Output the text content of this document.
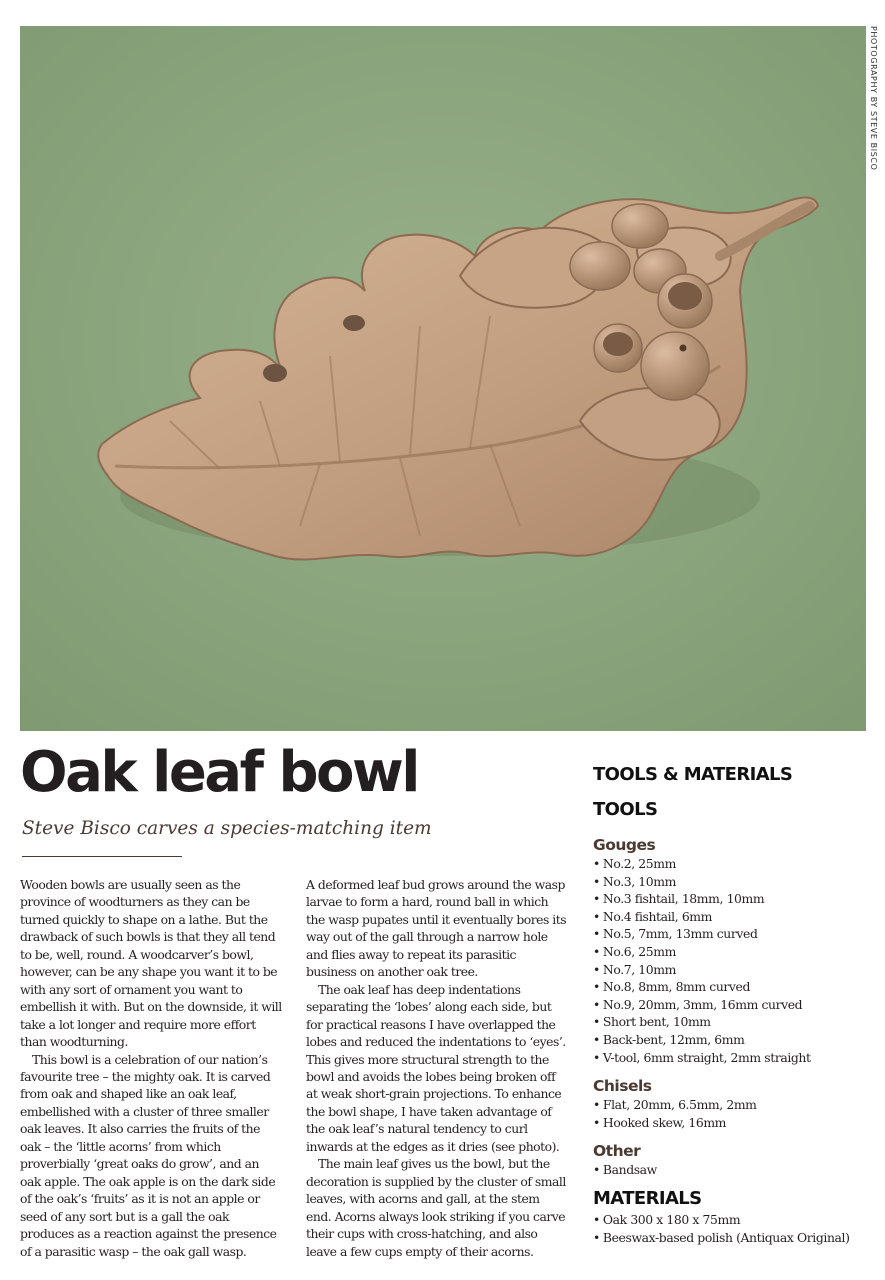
PHOTOGRAPHY BY STEVE BISCO
Oak leaf bowl
Steve Bisco carves a species-matching item

Wooden bowls are usually seen as the province of woodturners as they can be turned quickly to shape on a lathe. But the drawback of such bowls is that they all tend to be, well, round. A woodcarver’s bowl, however, can be any shape you want it to be with any sort of ornament you want to embellish it with. But on the downside, it will take a lot longer and require more effort than woodturning.

This bowl is a celebration of our nation’s favourite tree – the mighty oak. It is carved from oak and shaped like an oak leaf, embellished with a cluster of three smaller oak leaves. It also carries the fruits of the oak – the ‘little acorns’ from which proverbially ‘great oaks do grow’, and an oak apple. The oak apple is on the dark side of the oak’s ‘fruits’ as it is not an apple or seed of any sort but is a gall the oak produces as a reaction against the presence of a parasitic wasp – the oak gall wasp.

A deformed leaf bud grows around the wasp larvae to form a hard, round ball in which the wasp pupates until it eventually bores its way out of the gall through a narrow hole and flies away to repeat its parasitic business on another oak tree.

The oak leaf has deep indentations separating the ‘lobes’ along each side, but for practical reasons I have overlapped the lobes and reduced the indentations to ‘eyes’. This gives more structural strength to the bowl and avoids the lobes being broken off at weak short-grain projections. To enhance the bowl shape, I have taken advantage of the oak leaf’s natural tendency to curl inwards at the edges as it dries (see photo).

The main leaf gives us the bowl, but the decoration is supplied by the cluster of small leaves, with acorns and gall, at the stem end. Acorns always look striking if you carve their cups with cross-hatching, and also leave a few cups empty of their acorns.

TOOLS & MATERIALS
TOOLS
Gouges
• No.2, 25mm
• No.3, 10mm
• No.3 fishtail, 18mm, 10mm
• No.4 fishtail, 6mm
• No.5, 7mm, 13mm curved
• No.6, 25mm
• No.7, 10mm
• No.8, 8mm, 8mm curved
• No.9, 20mm, 3mm, 16mm curved
• Short bent, 10mm
• Back-bent, 12mm, 6mm
• V-tool, 6mm straight, 2mm straight
Chisels
• Flat, 20mm, 6.5mm, 2mm
• Hooked skew, 16mm
Other
• Bandsaw
MATERIALS
• Oak 300 x 180 x 75mm
• Beeswax-based polish (Antiquax Original)
